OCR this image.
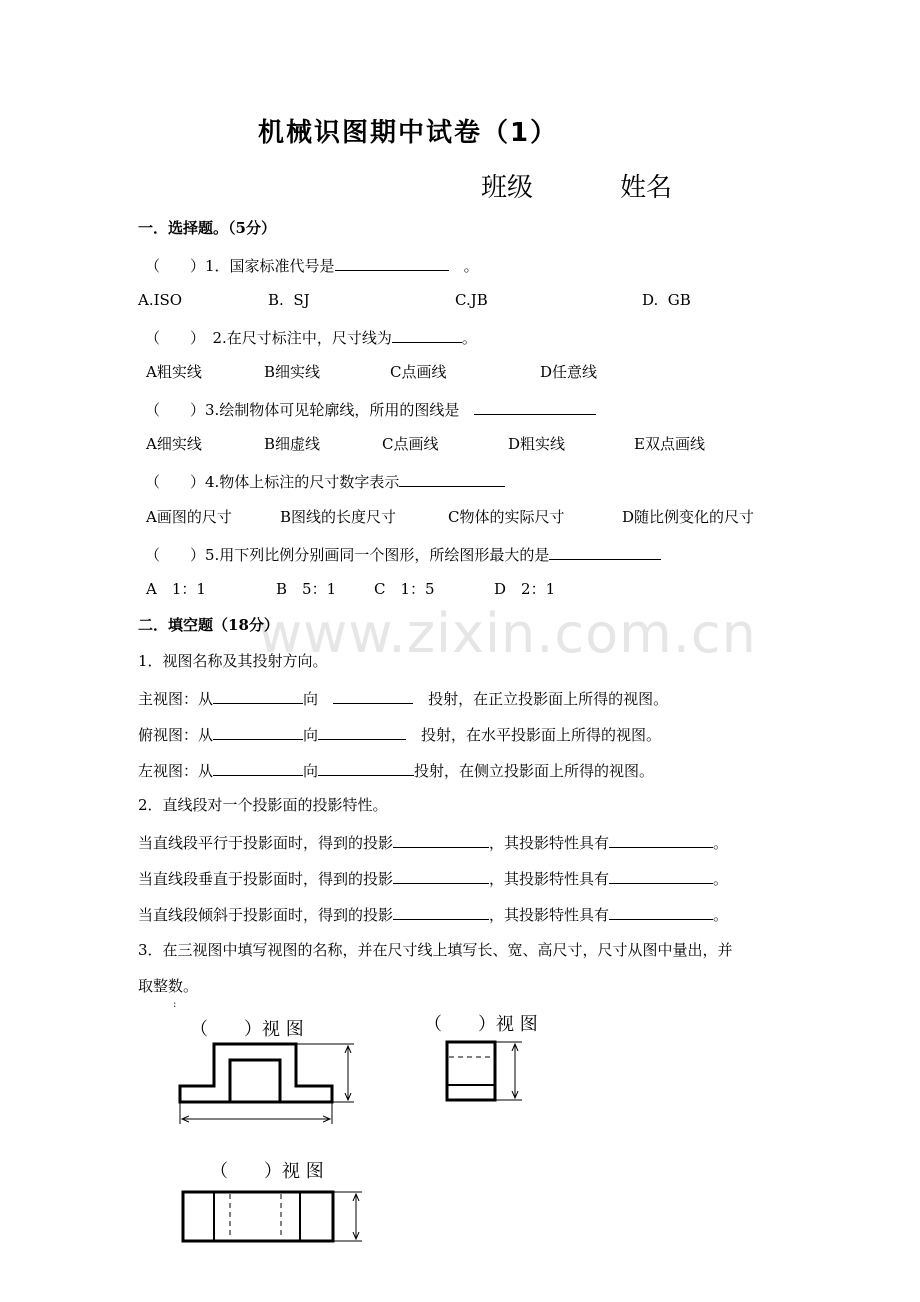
www.zixin.com.cn
机械识图期中试卷（1）
班级	姓名
一．选择题。（5分）
（　　）1．国家标准代号是　	。
A.ISO	B.  SJ	C.JB	D.  GB
（　　）　2.在尺寸标注中，尺寸线为	。
A粗实线	B细实线	C点画线	D任意线
（　　）3.绘制物体可见轮廓线，所用的图线是　
A细实线	B细虚线	C点画线	D粗实线	E双点画线
（　　）4.物体上标注的尺寸数字表示
A画图的尺寸	B图线的长度尺寸	C物体的实际尺寸	D随比例变化的尺寸
（　　）5.用下列比例分别画同一个图形，所绘图形最大的是
A　1：1	B　5：1	C　1：5	D　2：1
二．填空题（18分）
1．视图名称及其投射方向。
主视图：从	向　　	投射，在正立投影面上所得的视图。
俯视图：从	向　	投射，在水平投影面上所得的视图。
左视图：从	向	投射，在侧立投影面上所得的视图。
2．直线段对一个投影面的投影特性。
当直线段平行于投影面时，得到的投影	，其投影特性具有	。
当直线段垂直于投影面时，得到的投影	，其投影特性具有	。
当直线段倾斜于投影面时，得到的投影	，其投影特性具有	。
3．在三视图中填写视图的名称，并在尺寸线上填写长、宽、高尺寸，尺寸从图中量出，并
取整数。
:
（　　）视 图	（　　）视 图
（　　）视 图
